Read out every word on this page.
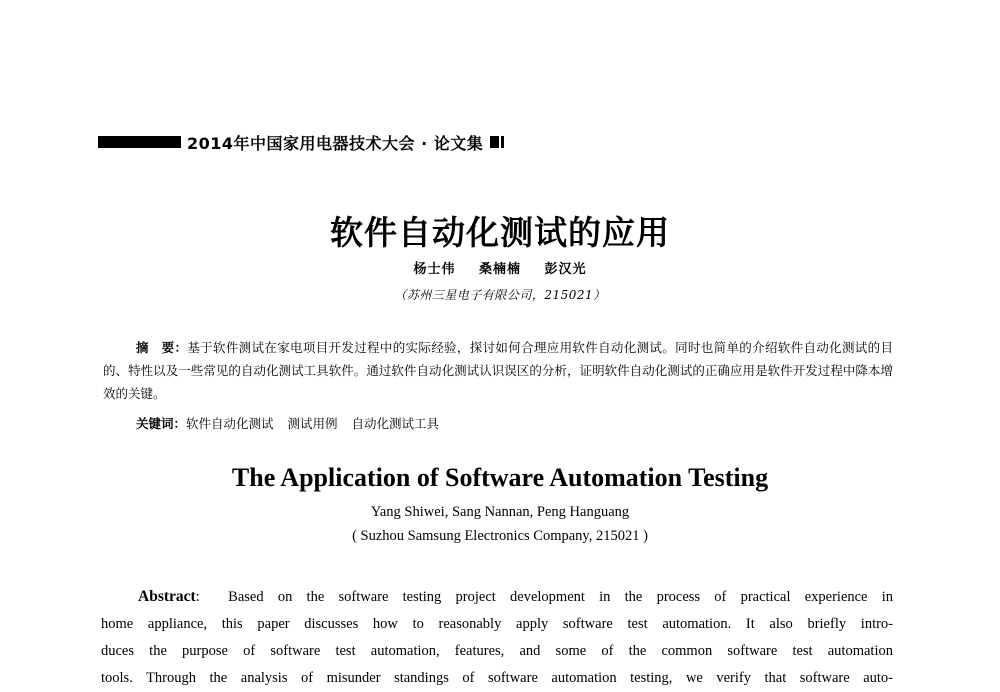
2014年中国家用电器技术大会 · 论文集
软件自动化测试的应用
杨士伟 桑楠楠 彭汉光
（苏州三星电子有限公司，215021）
摘　要：基于软件测试在家电项目开发过程中的实际经验，探讨如何合理应用软件自动化测试。同时也简单的介绍软件自动化测试的目的、特性以及一些常见的自动化测试工具软件。通过软件自动化测试认识误区的分析，证明软件自动化测试的正确应用是软件开发过程中降本增效的关键。
关键词：软件自动化测试 测试用例 自动化测试工具
The Application of Software Automation Testing
Yang Shiwei, Sang Nannan, Peng Hanguang
( Suzhou Samsung Electronics Company, 215021 )
Abstract: Based on the software testing project development in the process of practical experience in
home appliance, this paper discusses how to reasonably apply software test automation. It also briefly intro-
duces the purpose of software test automation, features, and some of the common software test automation
tools. Through the analysis of misunder standings of software automation testing, we verify that software auto-
